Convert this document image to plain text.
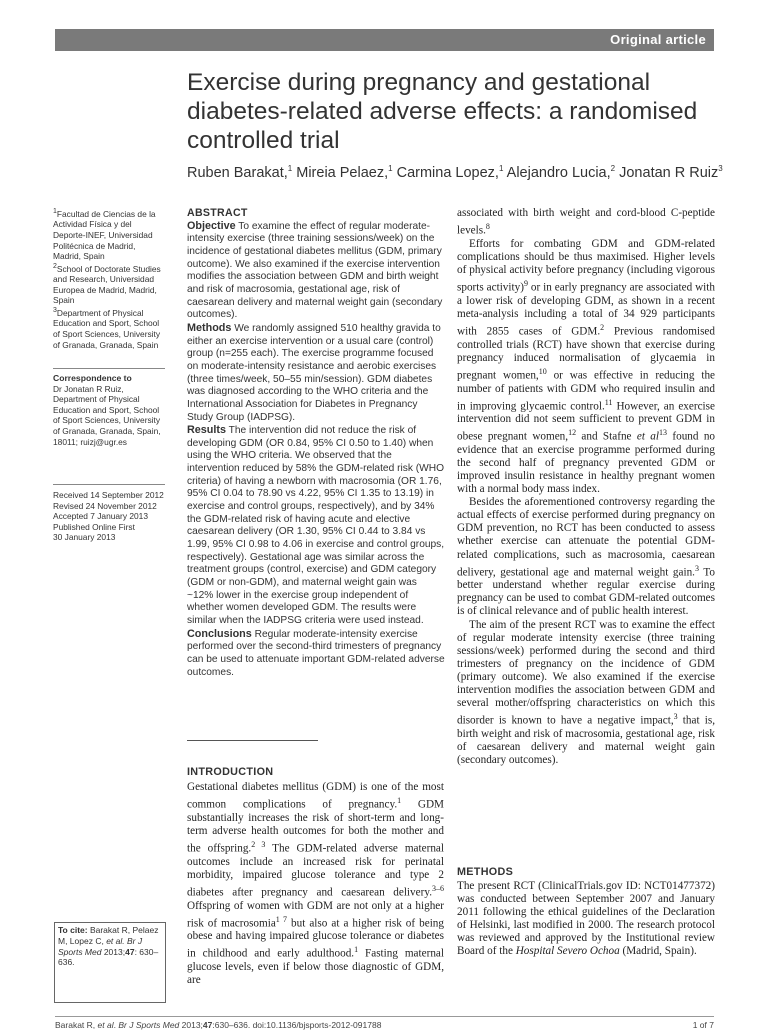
Original article
Exercise during pregnancy and gestational diabetes-related adverse effects: a randomised controlled trial
Ruben Barakat,$^1$ Mireia Pelaez,$^1$ Carmina Lopez,$^1$ Alejandro Lucia,$^2$ Jonatan R Ruiz$^3$

$^1$Facultad de Ciencias de la Actividad Física y del Deporte-INEF, Universidad Politécnica de Madrid, Madrid, Spain

$^2$School of Doctorate Studies and Research, Universidad Europea de Madrid, Madrid, Spain

$^3$Department of Physical Education and Sport, School of Sport Sciences, University of Granada, Granada, Spain

Correspondence to
Dr Jonatan R Ruiz, Department of Physical Education and Sport, School of Sport Sciences, University of Granada, Granada, Spain, 18011; ruizj@ugr.es
Received 14 September 2012
Revised 24 November 2012
Accepted 7 January 2013
Published Online First
30 January 2013
To cite: Barakat R, Pelaez M, Lopez C, et al. Br J Sports Med 2013;47: 630–636.
ABSTRACT
Objective To examine the effect of regular moderate-intensity exercise (three training sessions/week) on the incidence of gestational diabetes mellitus (GDM, primary outcome). We also examined if the exercise intervention modifies the association between GDM and birth weight and risk of macrosomia, gestational age, risk of caesarean delivery and maternal weight gain (secondary outcomes).
Methods We randomly assigned 510 healthy gravida to either an exercise intervention or a usual care (control) group (n=255 each). The exercise programme focused on moderate-intensity resistance and aerobic exercises (three times/week, 50–55 min/session). GDM diabetes was diagnosed according to the WHO criteria and the International Association for Diabetes in Pregnancy Study Group (IADPSG).
Results The intervention did not reduce the risk of developing GDM (OR 0.84, 95% CI 0.50 to 1.40) when using the WHO criteria. We observed that the intervention reduced by 58% the GDM-related risk (WHO criteria) of having a newborn with macrosomia (OR 1.76, 95% CI 0.04 to 78.90 vs 4.22, 95% CI 1.35 to 13.19) in exercise and control groups, respectively), and by 34% the GDM-related risk of having acute and elective caesarean delivery (OR 1.30, 95% CI 0.44 to 3.84 vs 1.99, 95% CI 0.98 to 4.06 in exercise and control groups, respectively). Gestational age was similar across the treatment groups (control, exercise) and GDM category (GDM or non-GDM), and maternal weight gain was ~12% lower in the exercise group independent of whether women developed GDM. The results were similar when the IADPSG criteria were used instead.
Conclusions Regular moderate-intensity exercise performed over the second-third trimesters of pregnancy can be used to attenuate important GDM-related adverse outcomes.
INTRODUCTION

Gestational diabetes mellitus (GDM) is one of the most common complications of pregnancy.$^1$ GDM substantially increases the risk of short-term and long-term adverse health outcomes for both the mother and the offspring.$^{2 3}$ The GDM-related adverse maternal outcomes include an increased risk for perinatal morbidity, impaired glucose tolerance and type 2 diabetes after pregnancy and caesarean delivery.$^{3-6}$ Offspring of women with GDM are not only at a higher risk of macrosomia$^{1 7}$ but also at a higher risk of being obese and having impaired glucose tolerance or diabetes in childhood and early adulthood.$^1$ Fasting maternal glucose levels, even if below those diagnostic of GDM, are

associated with birth weight and cord-blood C-peptide levels.$^8$

Efforts for combating GDM and GDM-related complications should be thus maximised. Higher levels of physical activity before pregnancy (including vigorous sports activity)$^9$ or in early pregnancy are associated with a lower risk of developing GDM, as shown in a recent meta-analysis including a total of 34 929 participants with 2855 cases of GDM.$^2$ Previous randomised controlled trials (RCT) have shown that exercise during pregnancy induced normalisation of glycaemia in pregnant women,$^{10}$ or was effective in reducing the number of patients with GDM who required insulin and in improving glycaemic control.$^{11}$ However, an exercise intervention did not seem sufficient to prevent GDM in obese pregnant women,$^{12}$ and Stafne et $al^{13}$ found no evidence that an exercise programme performed during the second half of pregnancy prevented GDM or improved insulin resistance in healthy pregnant women with a normal body mass index.

Besides the aforementioned controversy regarding the actual effects of exercise performed during pregnancy on GDM prevention, no RCT has been conducted to assess whether exercise can attenuate the potential GDM-related complications, such as macrosomia, caesarean delivery, gestational age and maternal weight gain.$^3$ To better understand whether regular exercise during pregnancy can be used to combat GDM-related outcomes is of clinical relevance and of public health interest.

The aim of the present RCT was to examine the effect of regular moderate intensity exercise (three training sessions/week) performed during the second and third trimesters of pregnancy on the incidence of GDM (primary outcome). We also examined if the exercise intervention modifies the association between GDM and several mother/offspring characteristics on which this disorder is known to have a negative impact,$^3$ that is, birth weight and risk of macrosomia, gestational age, risk of caesarean delivery and maternal weight gain (secondary outcomes).

METHODS

The present RCT (ClinicalTrials.gov ID: NCT01477372) was conducted between September 2007 and January 2011 following the ethical guidelines of the Declaration of Helsinki, last modified in 2000. The research protocol was reviewed and approved by the Institutional review Board of the Hospital Severo Ochoa (Madrid, Spain).

Barakat R, et al. Br J Sports Med 2013;47:630–636. doi:10.1136/bjsports-2012-091788	1 of 7
